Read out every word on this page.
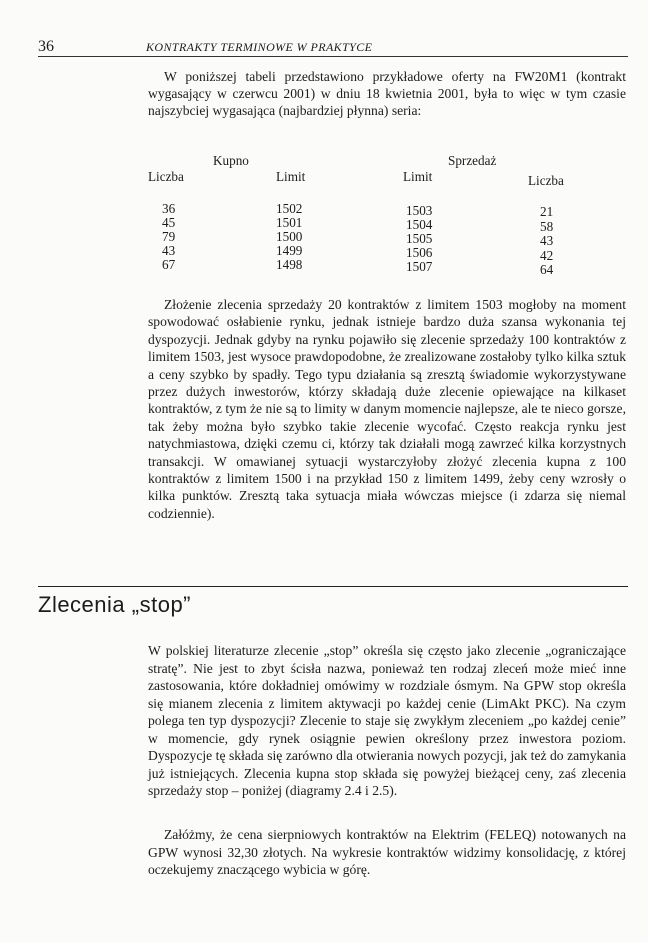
36	KONTRAKTY TERMINOWE W PRAKTYCE

W poniższej tabeli przedstawiono przykładowe oferty na FW20M1 (kontrakt wygasający w czerwcu 2001) w dniu 18 kwietnia 2001, była to więc w tym czasie najszybciej wygasająca (najbardziej płynna) seria:

Kupno	Sprzedaż
Liczba	Limit	Limit	Liczba
36	1502	1503	21
45	1501	1504	58
79	1500	1505	43
43	1499	1506	42
67	1498	1507	64

Złożenie zlecenia sprzedaży 20 kontraktów z limitem 1503 mogłoby na moment spowodować osłabienie rynku, jednak istnieje bardzo duża szansa wykonania tej dyspozycji. Jednak gdyby na rynku pojawiło się zlecenie sprzedaży 100 kontraktów z limitem 1503, jest wysoce prawdopodobne, że zrealizowane zostałoby tylko kilka sztuk a ceny szybko by spadły. Tego typu działania są zresztą świadomie wykorzystywane przez dużych inwestorów, którzy składają duże zlecenie opiewające na kilkaset kontraktów, z tym że nie są to limity w danym momencie najlepsze, ale te nieco gorsze, tak żeby można było szybko takie zlecenie wycofać. Często reakcja rynku jest natychmiastowa, dzięki czemu ci, którzy tak działali mogą zawrzeć kilka korzystnych transakcji. W omawianej sytuacji wystarczyłoby złożyć zlecenia kupna z 100 kontraktów z limitem 1500 i na przykład 150 z limitem 1499, żeby ceny wzrosły o kilka punktów. Zresztą taka sytuacja miała wówczas miejsce (i zdarza się niemal codziennie).

Zlecenia „stop”

W polskiej literaturze zlecenie „stop” określa się często jako zlecenie „ograniczające stratę”. Nie jest to zbyt ścisła nazwa, ponieważ ten rodzaj zleceń może mieć inne zastosowania, które dokładniej omówimy w rozdziale ósmym. Na GPW stop określa się mianem zlecenia z limitem aktywacji po każdej cenie (LimAkt PKC). Na czym polega ten typ dyspozycji? Zlecenie to staje się zwykłym zleceniem „po każdej cenie” w momencie, gdy rynek osiągnie pewien określony przez inwestora poziom. Dyspozycje tę składa się zarówno dla otwierania nowych pozycji, jak też do zamykania już istniejących. Zlecenia kupna stop składa się powyżej bieżącej ceny, zaś zlecenia sprzedaży stop – poniżej (diagramy 2.4 i 2.5).

Załóżmy, że cena sierpniowych kontraktów na Elektrim (FELEQ) notowanych na GPW wynosi 32,30 złotych. Na wykresie kontraktów widzimy konsolidację, z której oczekujemy znaczącego wybicia w górę.
